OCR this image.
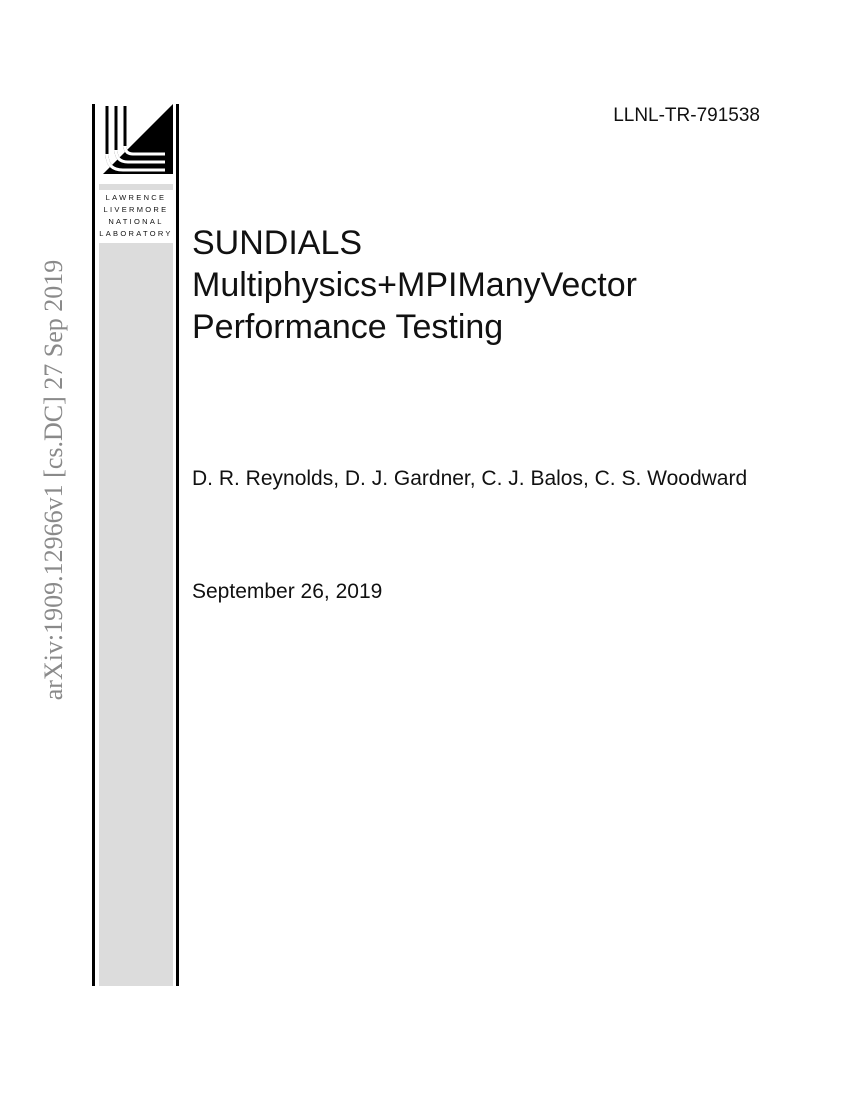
arXiv:1909.12966v1 [cs.DC] 27 Sep 2019
LAWRENCE
LIVERMORE
NATIONAL
LABORATORY
LLNL-TR-791538
SUNDIALS
Multiphysics+MPIManyVector
Performance Testing
D. R. Reynolds, D. J. Gardner, C. J. Balos, C. S. Woodward
September 26, 2019
